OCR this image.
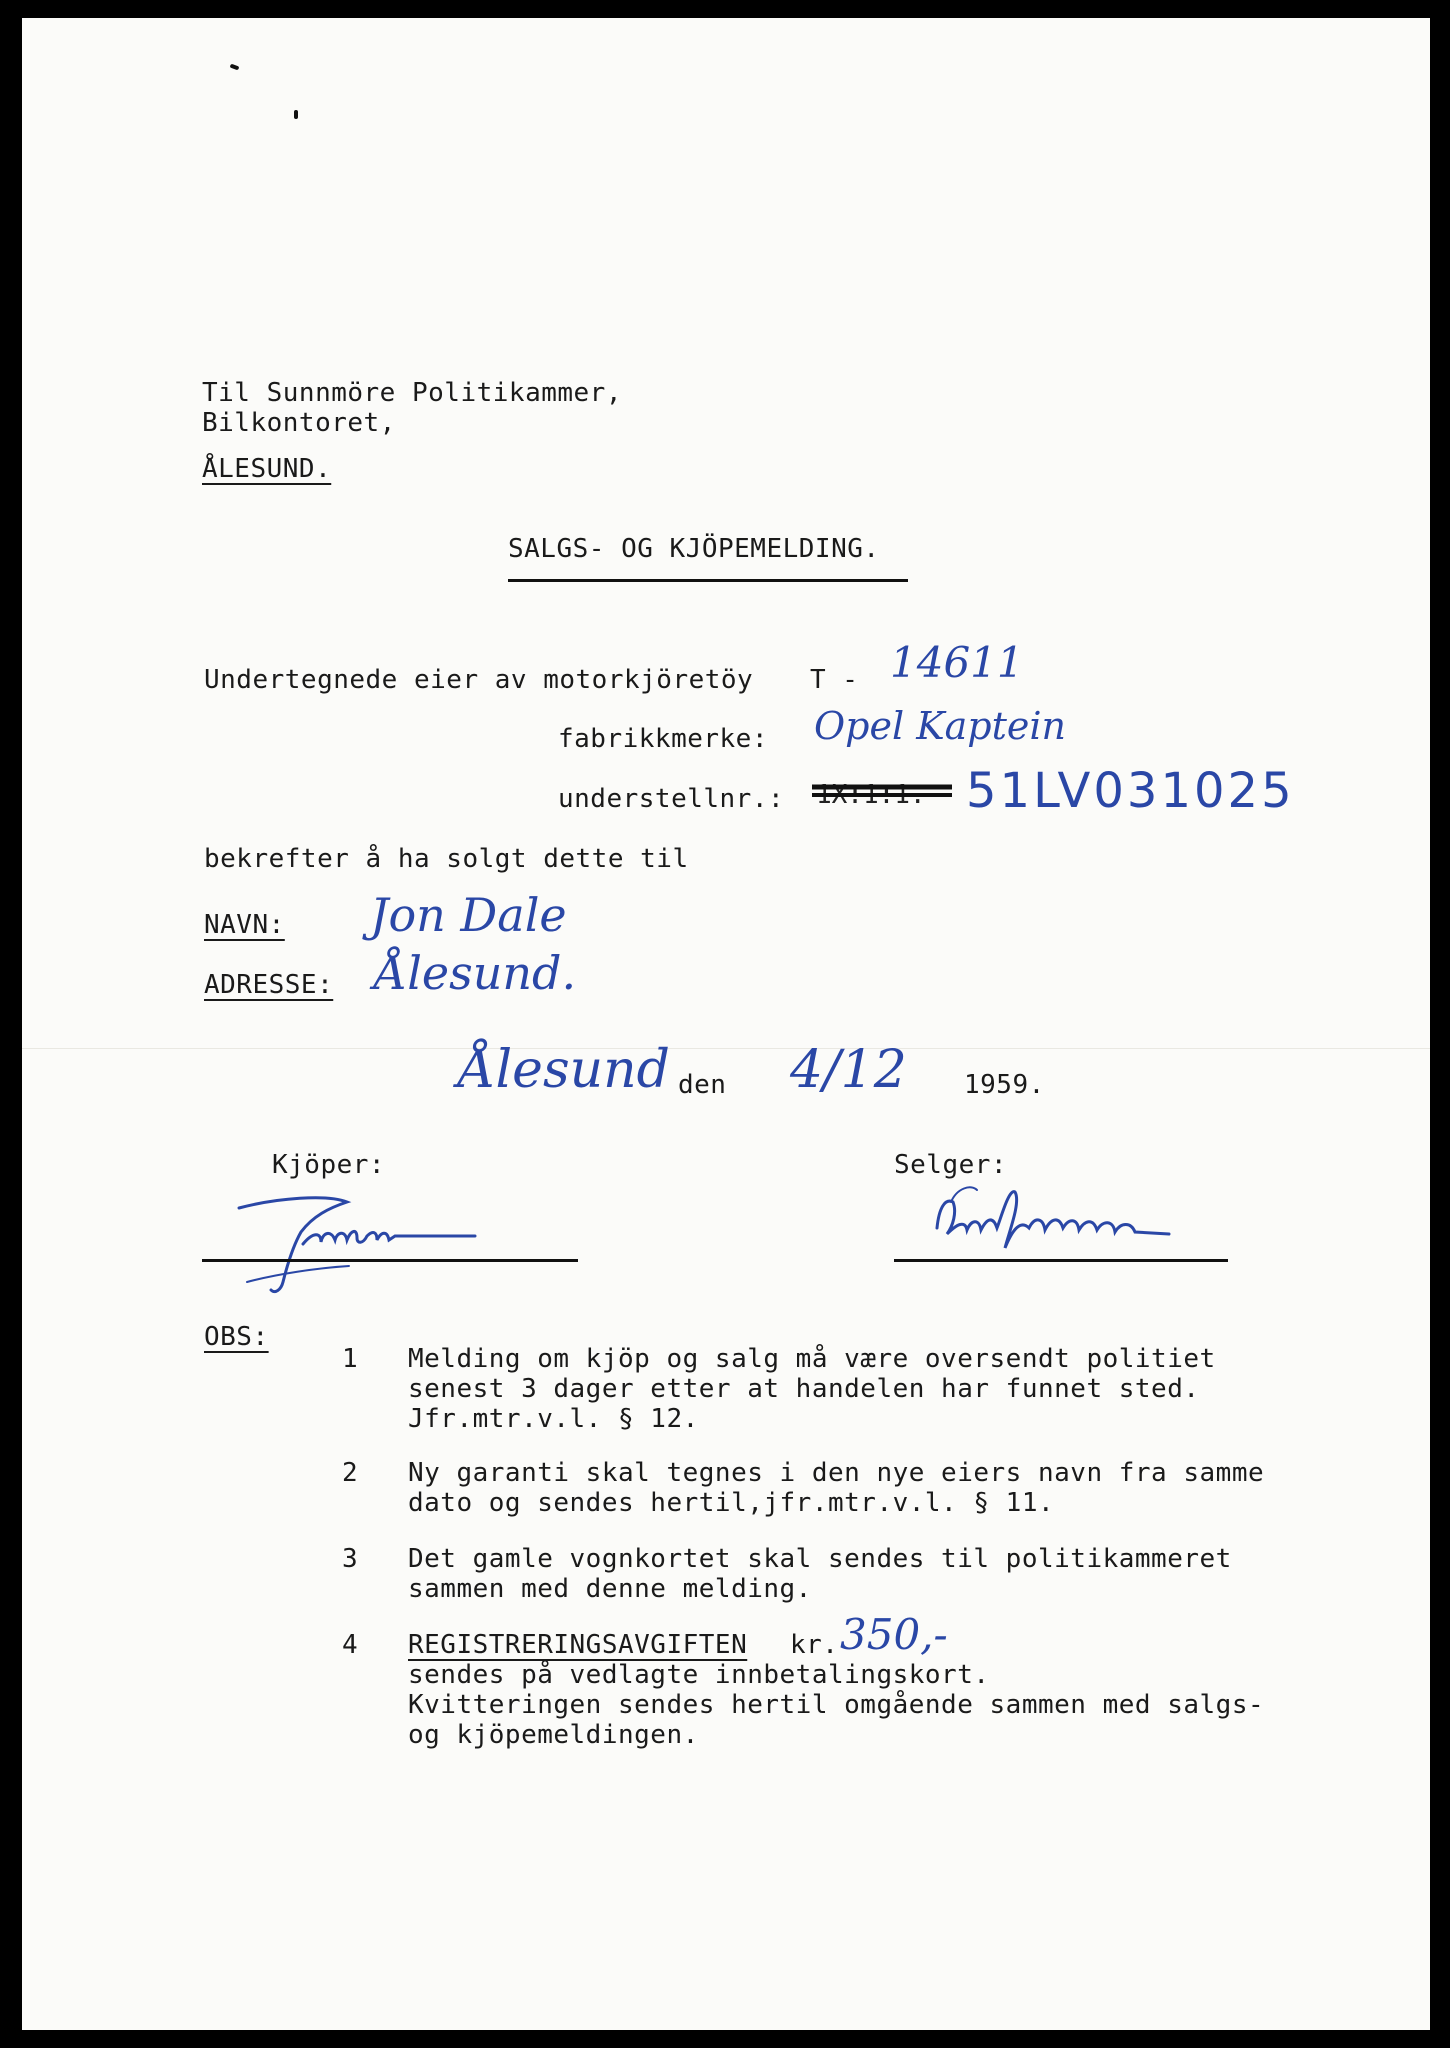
Til Sunnmöre Politikammer,
Bilkontoret,
ÅLESUND.
SALGS- OG KJÖPEMELDING.
Undertegnede eier av motorkjöretöy T - 14611
fabrikkmerke: Opel Kaptein
understellnr.: 1X:1:1. 51LV031025
bekrefter å ha solgt dette til
NAVN: Jon Dale
ADRESSE: Ålesund.
Ålesund den 4/12 1959.
Kjöper:	Selger:
OBS:
1 Melding om kjöp og salg må være oversendt politiet
senest 3 dager etter at handelen har funnet sted.
Jfr.mtr.v.l. § 12.
2 Ny garanti skal tegnes i den nye eiers navn fra samme
dato og sendes hertil,jfr.mtr.v.l. § 11.
3 Det gamle vognkortet skal sendes til politikammeret
sammen med denne melding.
4 REGISTRERINGSAVGIFTEN kr. 350,-
sendes på vedlagte innbetalingskort.
Kvitteringen sendes hertil omgående sammen med salgs-
og kjöpemeldingen.
